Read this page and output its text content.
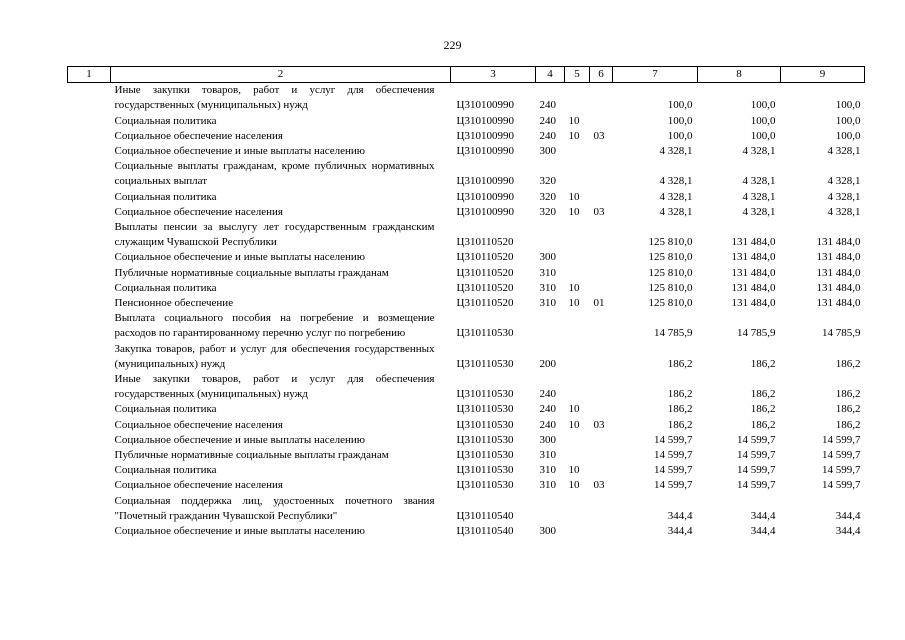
229
1	2	3	4	5	6	7	8	9
	Иные закупки товаров, работ и услуг для обеспечения государственных (муниципальных) нужд	Ц310100990	240			100,0	100,0	100,0
	Социальная политика	Ц310100990	240	10		100,0	100,0	100,0
	Социальное обеспечение населения	Ц310100990	240	10	03	100,0	100,0	100,0
	Социальное обеспечение и иные выплаты населению	Ц310100990	300			4 328,1	4 328,1	4 328,1
	Социальные выплаты гражданам, кроме публичных нормативных социальных выплат	Ц310100990	320			4 328,1	4 328,1	4 328,1
	Социальная политика	Ц310100990	320	10		4 328,1	4 328,1	4 328,1
	Социальное обеспечение населения	Ц310100990	320	10	03	4 328,1	4 328,1	4 328,1
	Выплаты пенсии за выслугу лет государственным гражданским служащим Чувашской Республики	Ц310110520				125 810,0	131 484,0	131 484,0
	Социальное обеспечение и иные выплаты населению	Ц310110520	300			125 810,0	131 484,0	131 484,0
	Публичные нормативные социальные выплаты гражданам	Ц310110520	310			125 810,0	131 484,0	131 484,0
	Социальная политика	Ц310110520	310	10		125 810,0	131 484,0	131 484,0
	Пенсионное обеспечение	Ц310110520	310	10	01	125 810,0	131 484,0	131 484,0
	Выплата социального пособия на погребение и возмещение расходов по гарантированному перечню услуг по погребению	Ц310110530				14 785,9	14 785,9	14 785,9
	Закупка товаров, работ и услуг для обеспечения государственных (муниципальных) нужд	Ц310110530	200			186,2	186,2	186,2
	Иные закупки товаров, работ и услуг для обеспечения государственных (муниципальных) нужд	Ц310110530	240			186,2	186,2	186,2
	Социальная политика	Ц310110530	240	10		186,2	186,2	186,2
	Социальное обеспечение населения	Ц310110530	240	10	03	186,2	186,2	186,2
	Социальное обеспечение и иные выплаты населению	Ц310110530	300			14 599,7	14 599,7	14 599,7
	Публичные нормативные социальные выплаты гражданам	Ц310110530	310			14 599,7	14 599,7	14 599,7
	Социальная политика	Ц310110530	310	10		14 599,7	14 599,7	14 599,7
	Социальное обеспечение населения	Ц310110530	310	10	03	14 599,7	14 599,7	14 599,7
	Социальная поддержка лиц, удостоенных почетного звания "Почетный гражданин Чувашской Республики"	Ц310110540				344,4	344,4	344,4
	Социальное обеспечение и иные выплаты населению	Ц310110540	300			344,4	344,4	344,4
